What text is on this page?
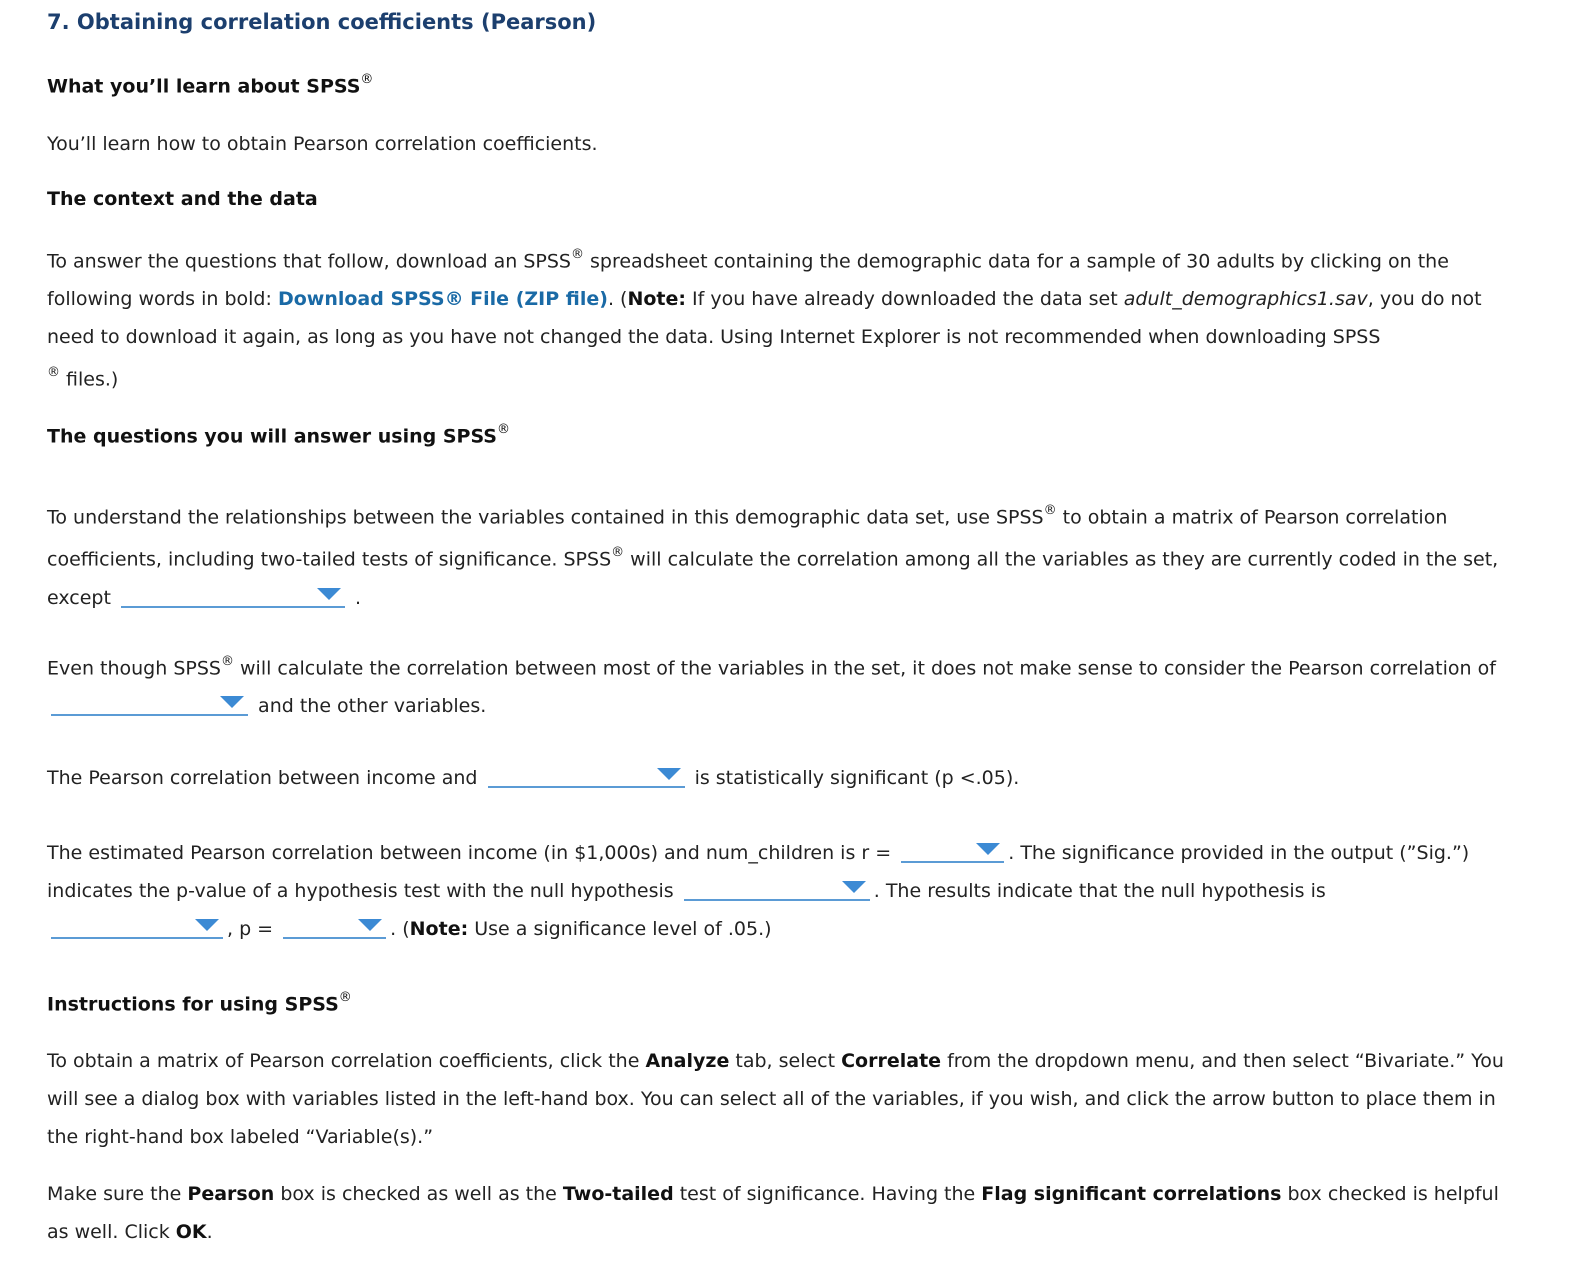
7. Obtaining correlation coefficients (Pearson)
What you’ll learn about SPSS®

You’ll learn how to obtain Pearson correlation coefficients.

The context and the data

To answer the questions that follow, download an SPSS® spreadsheet containing the demographic data for a sample of 30 adults by clicking on the following words in bold: Download SPSS® File (ZIP file). (Note: If you have already downloaded the data set adult_demographics1.sav, you do not need to download it again, as long as you have not changed the data. Using Internet Explorer is not recommended when downloading SPSS
® files.)

The questions you will answer using SPSS®

To understand the relationships between the variables contained in this demographic data set, use SPSS® to obtain a matrix of Pearson correlation coefficients, including two-tailed tests of significance. SPSS® will calculate the correlation among all the variables as they are currently coded in the set, except	.

Even though SPSS® will calculate the correlation between most of the variables in the set, it does not make sense to consider the Pearson correlation of
and the other variables.

The Pearson correlation between income and	is statistically significant (p <.05).

The estimated Pearson correlation between income (in $1,000s) and num_children is r =	. The significance provided in the output (”Sig.”) indicates the p-value of a hypothesis test with the null hypothesis	. The results indicate that the null hypothesis is

, p =	. (Note: Use a significance level of .05.)

Instructions for using SPSS®

To obtain a matrix of Pearson correlation coefficients, click the Analyze tab, select Correlate from the dropdown menu, and then select “Bivariate.” You will see a dialog box with variables listed in the left-hand box. You can select all of the variables, if you wish, and click the arrow button to place them in the right-hand box labeled “Variable(s).”

Make sure the Pearson box is checked as well as the Two-tailed test of significance. Having the Flag significant correlations box checked is helpful as well. Click OK.
